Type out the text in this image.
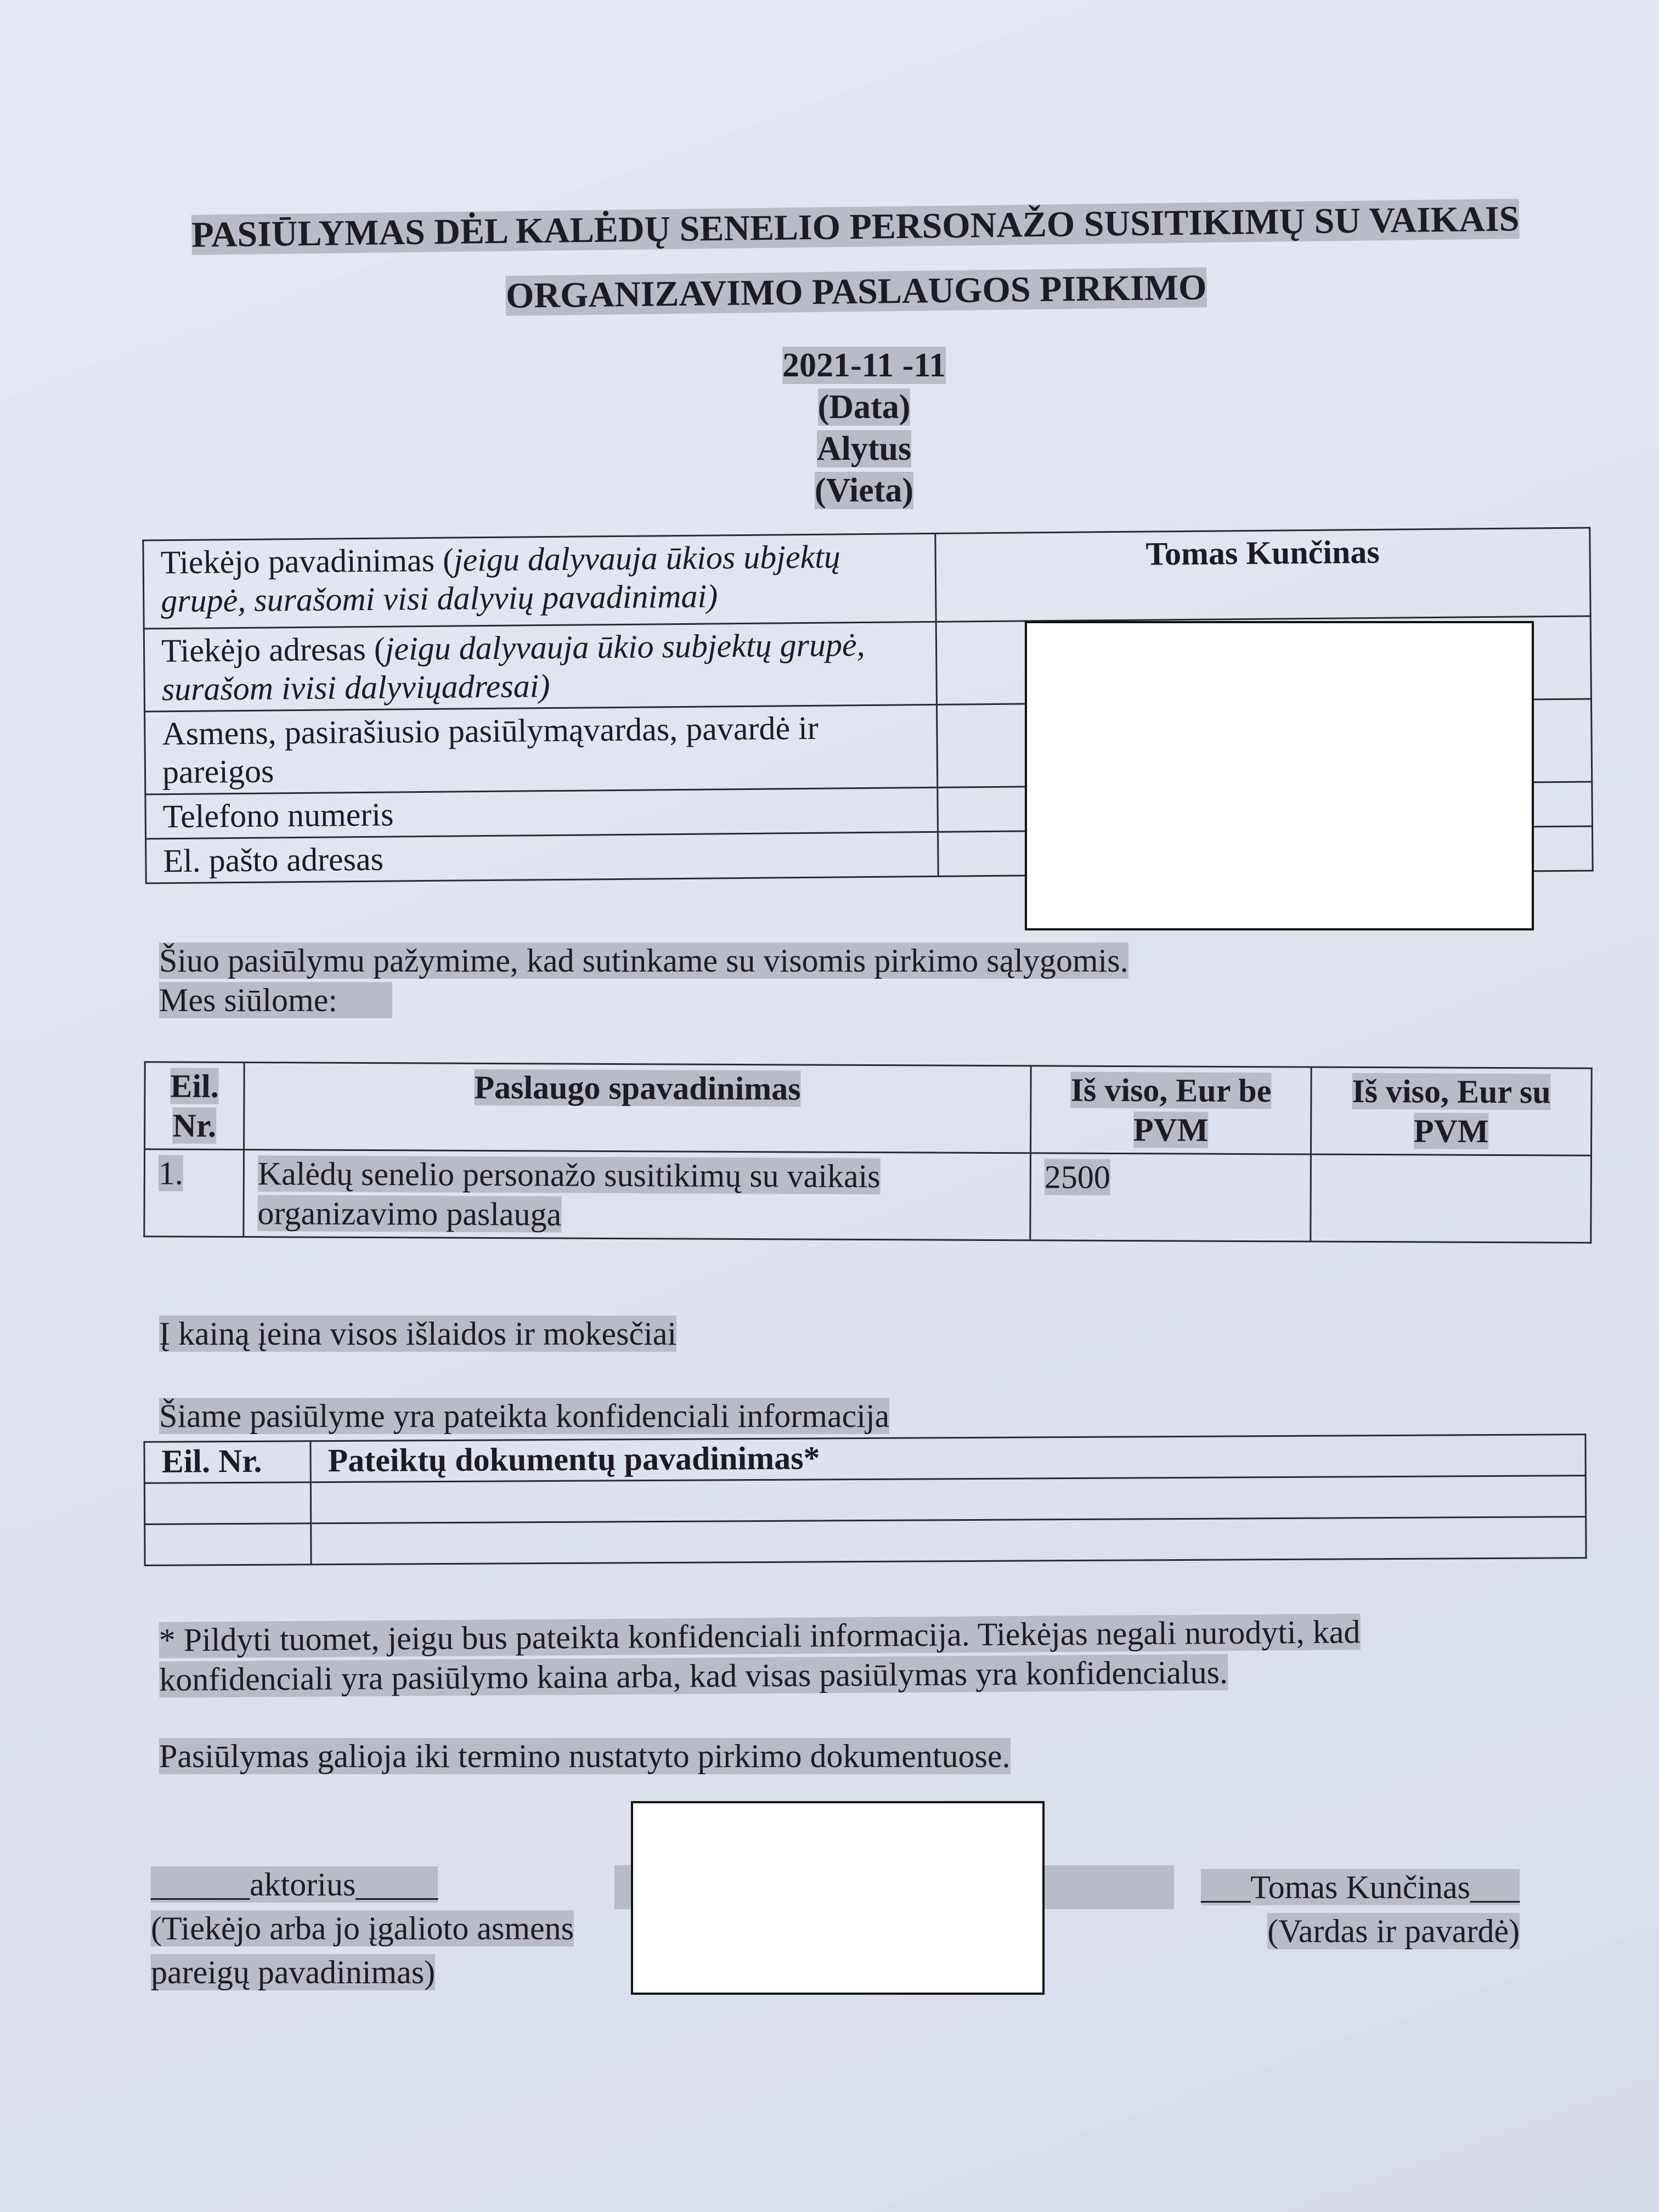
PASIŪLYMAS DĖL KALĖDŲ SENELIO PERSONAŽO SUSITIKIMŲ SU VAIKAIS
ORGANIZAVIMO PASLAUGOS PIRKIMO
2021-11 -11
(Data)
Alytus
(Vieta)
Tiekėjo pavadinimas (jeigu dalyvauja ūkios ubjektų grupė, surašomi visi dalyvių pavadinimai)	Tomas Kunčinas
Tiekėjo adresas (jeigu dalyvauja ūkio subjektų grupė, surašom ivisi dalyviųadresai)	
Asmens, pasirašiusio pasiūlymąvardas, pavardė ir pareigos	
Telefono numeris	
El. pašto adresas	
Šiuo pasiūlymu pažymime, kad sutinkame su visomis pirkimo sąlygomis.
Mes siūlome:
Eil. Nr.	Paslaugo spavadinimas	Iš viso, Eur be PVM	Iš viso, Eur su PVM
1.	Kalėdų senelio personažo susitikimų su vaikais organizavimo paslauga	2500	
Į kainą įeina visos išlaidos ir mokesčiai
Šiame pasiūlyme yra pateikta konfidenciali informacija
Eil. Nr.	Pateiktų dokumentų pavadinimas*

* Pildyti tuomet, jeigu bus pateikta konfidenciali informacija. Tiekėjas negali nurodyti, kad konfidenciali yra pasiūlymo kaina arba, kad visas pasiūlymas yra konfidencialus.
Pasiūlymas galioja iki termino nustatyto pirkimo dokumentuose.
______aktorius_____
(Tiekėjo arba jo įgalioto asmens pareigų pavadinimas)
___Tomas Kunčinas___
(Vardas ir pavardė)
